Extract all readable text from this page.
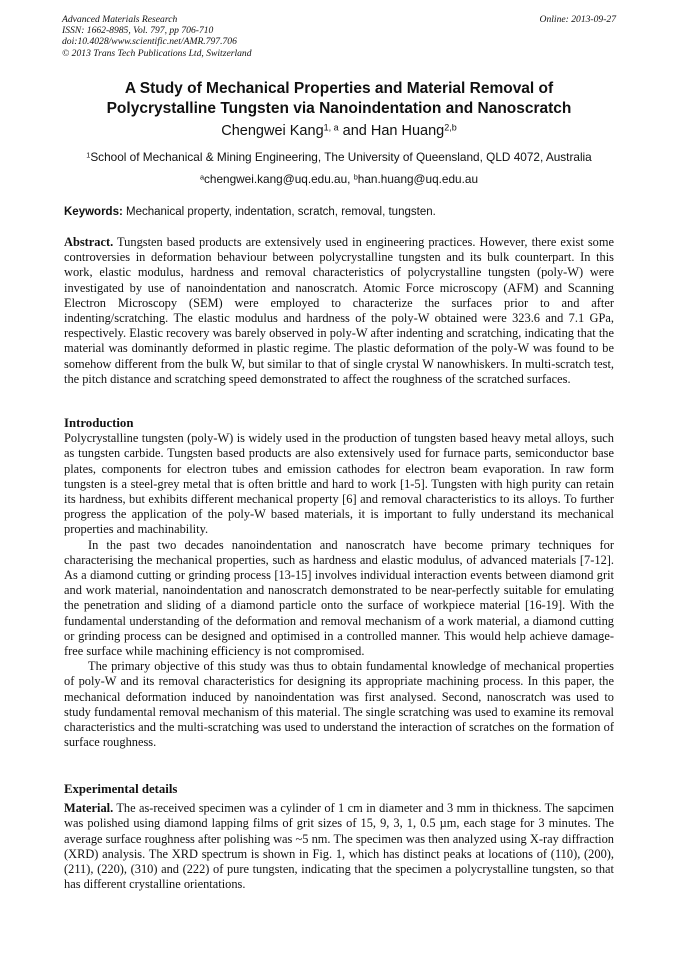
Advanced Materials Research
ISSN: 1662-8985, Vol. 797, pp 706-710
doi:10.4028/www.scientific.net/AMR.797.706
© 2013 Trans Tech Publications Ltd, Switzerland
Online: 2013-09-27
A Study of Mechanical Properties and Material Removal of
Polycrystalline Tungsten via Nanoindentation and Nanoscratch
Chengwei Kang$^{1, a}$ and Han Huang$^{2,b}$
$^1$School of Mechanical & Mining Engineering, The University of Queensland, QLD 4072, Australia
$^a$chengwei.kang@uq.edu.au, $^b$han.huang@uq.edu.au
Keywords: Mechanical property, indentation, scratch, removal, tungsten.

Abstract. Tungsten based products are extensively used in engineering practices. However, there exist some controversies in deformation behaviour between polycrystalline tungsten and its bulk counterpart. In this work, elastic modulus, hardness and removal characteristics of polycrystalline tungsten (poly-W) were investigated by use of nanoindentation and nanoscratch. Atomic Force microscopy (AFM) and Scanning Electron Microscopy (SEM) were employed to characterize the surfaces prior to and after indenting/scratching. The elastic modulus and hardness of the poly-W obtained were 323.6 and 7.1 GPa, respectively. Elastic recovery was barely observed in poly-W after indenting and scratching, indicating that the material was dominantly deformed in plastic regime. The plastic deformation of the poly-W was found to be somehow different from the bulk W, but similar to that of single crystal W nanowhiskers. In multi-scratch test, the pitch distance and scratching speed demonstrated to affect the roughness of the scratched surfaces.

Introduction

Polycrystalline tungsten (poly-W) is widely used in the production of tungsten based heavy metal alloys, such as tungsten carbide. Tungsten based products are also extensively used for furnace parts, semiconductor base plates, components for electron tubes and emission cathodes for electron beam evaporation. In raw form tungsten is a steel-grey metal that is often brittle and hard to work [1-5]. Tungsten with high purity can retain its hardness, but exhibits different mechanical property [6] and removal characteristics to its alloys. To further progress the application of the poly-W based materials, it is important to fully understand its mechanical properties and machinability.

In the past two decades nanoindentation and nanoscratch have become primary techniques for characterising the mechanical properties, such as hardness and elastic modulus, of advanced materials [7-12]. As a diamond cutting or grinding process [13-15] involves individual interaction events between diamond grit and work material, nanoindentation and nanoscratch demonstrated to be near-perfectly suitable for emulating the penetration and sliding of a diamond particle onto the surface of workpiece material [16-19]. With the fundamental understanding of the deformation and removal mechanism of a work material, a diamond cutting or grinding process can be designed and optimised in a controlled manner. This would help achieve damage-free surface while machining efficiency is not compromised.

The primary objective of this study was thus to obtain fundamental knowledge of mechanical properties of poly-W and its removal characteristics for designing its appropriate machining process. In this paper, the mechanical deformation induced by nanoindentation was first analysed. Second, nanoscratch was used to study fundamental removal mechanism of this material. The single scratching was used to examine its removal characteristics and the multi-scratching was used to understand the interaction of scratches on the formation of surface roughness.

Experimental details

Material. The as-received specimen was a cylinder of 1 cm in diameter and 3 mm in thickness. The sapcimen was polished using diamond lapping films of grit sizes of 15, 9, 3, 1, 0.5 µm, each stage for 3 minutes. The average surface roughness after polishing was ~5 nm. The specimen was then analyzed using X-ray diffraction (XRD) analysis. The XRD spectrum is shown in Fig. 1, which has distinct peaks at locations of (110), (200), (211), (220), (310) and (222) of pure tungsten, indicating that the specimen a polycrystalline tungsten, so that has different crystalline orientations.
